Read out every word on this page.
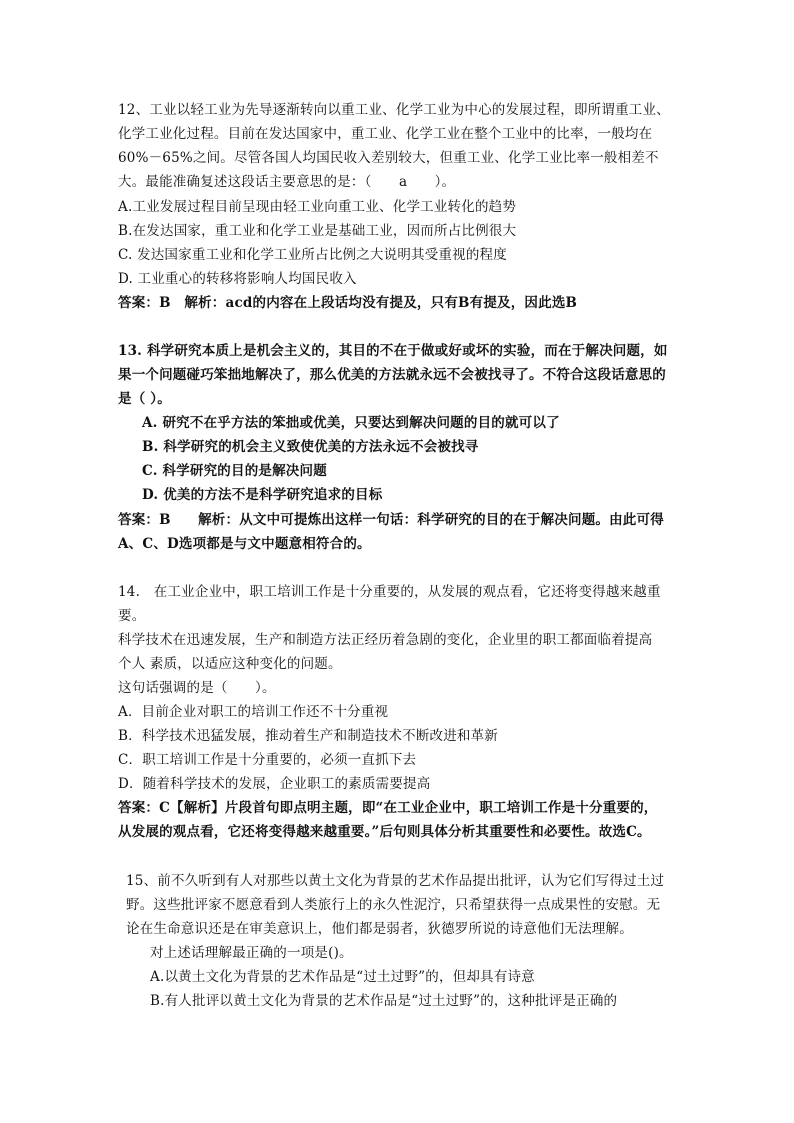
12、工业以轻工业为先导逐渐转向以重工业、化学工业为中心的发展过程，即所谓重工业、
化学工业化过程。目前在发达国家中，重工业、化学工业在整个工业中的比率，一般均在
60%－65%之间。尽管各国人均国民收入差别较大，但重工业、化学工业比率一般相差不
大。最能准确复述这段话主要意思的是：（　　a　　）。
A.工业发展过程目前呈现由轻工业向重工业、化学工业转化的趋势
B.在发达国家，重工业和化学工业是基础工业，因而所占比例很大
C. 发达国家重工业和化学工业所占比例之大说明其受重视的程度
D. 工业重心的转移将影响人均国民收入
答案：B　解析：acd的内容在上段话均没有提及，只有B有提及，因此选B
13. 科学研究本质上是机会主义的，其目的不在于做或好或坏的实验，而在于解决问题，如
果一个问题碰巧笨拙地解决了，那么优美的方法就永远不会被找寻了。不符合这段话意思的
是（ ）。
A. 研究不在乎方法的笨拙或优美，只要达到解决问题的目的就可以了
B. 科学研究的机会主义致使优美的方法永远不会被找寻
C. 科学研究的目的是解决问题
D. 优美的方法不是科学研究追求的目标
答案：B　　解析：从文中可提炼出这样一句话：科学研究的目的在于解决问题。由此可得
A、C、D选项都是与文中题意相符合的。
14.　在工业企业中，职工培训工作是十分重要的，从发展的观点看，它还将变得越来越重
要。
科学技术在迅速发展，生产和制造方法正经历着急剧的变化，企业里的职工都面临着提高
个人 素质，以适应这种变化的问题。
这句话强调的是（　　）。
A．目前企业对职工的培训工作还不十分重视
B．科学技术迅猛发展，推动着生产和制造技术不断改进和革新
C．职工培训工作是十分重要的，必须一直抓下去
D．随着科学技术的发展，企业职工的素质需要提高
答案：C【解析】片段首句即点明主题，即“在工业企业中，职工培训工作是十分重要的，
从发展的观点看，它还将变得越来越重要。”后句则具体分析其重要性和必要性。故选C。
15、前不久听到有人对那些以黄土文化为背景的艺术作品提出批评，认为它们写得过土过
野。这些批评家不愿意看到人类旅行上的永久性泥泞，只希望获得一点成果性的安慰。无
论在生命意识还是在审美意识上，他们都是弱者，狄德罗所说的诗意他们无法理解。
对上述话理解最正确的一项是()。
A.以黄土文化为背景的艺术作品是“过土过野”的，但却具有诗意
B.有人批评以黄土文化为背景的艺术作品是“过土过野”的，这种批评是正确的
